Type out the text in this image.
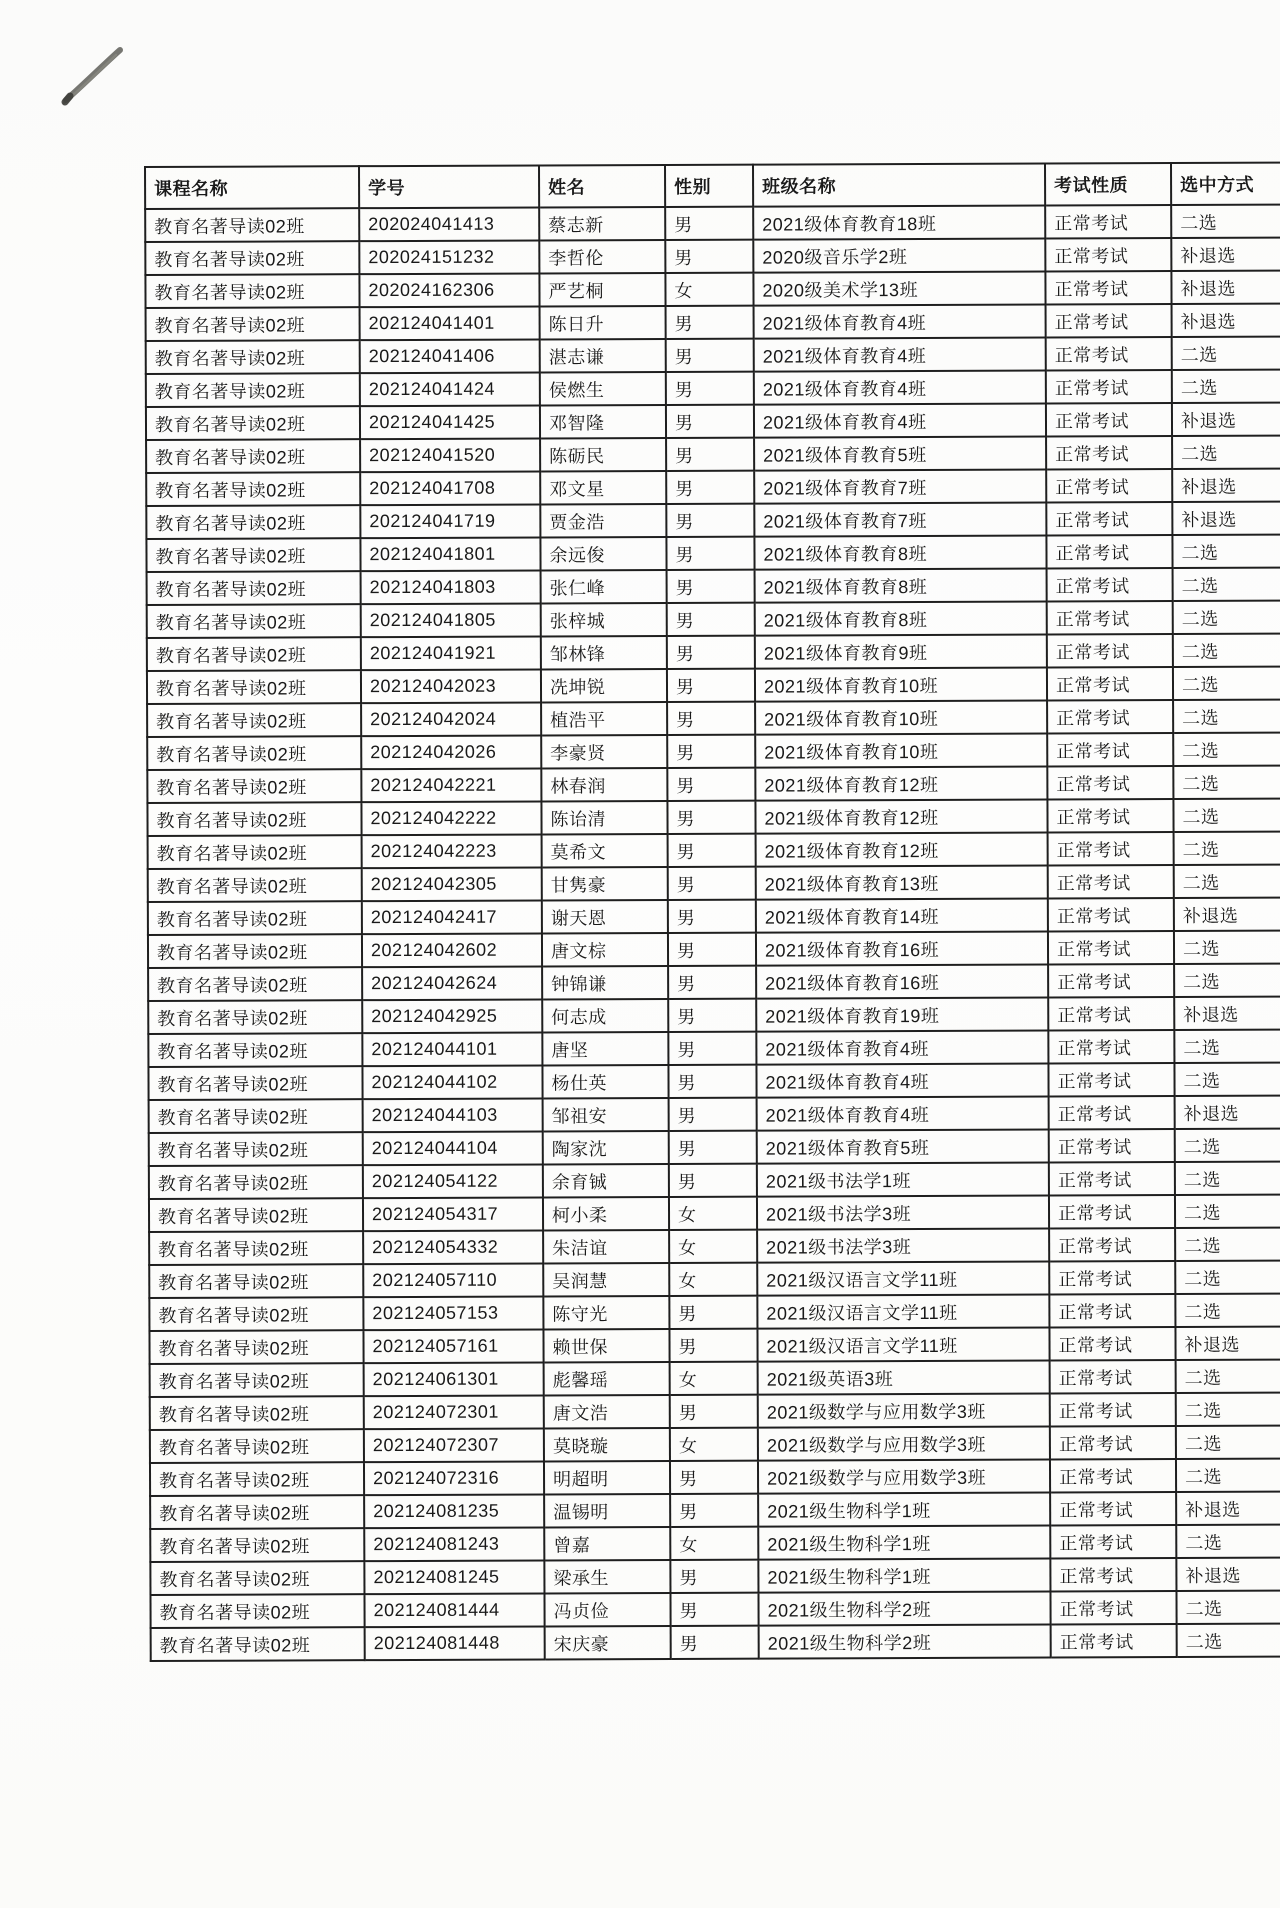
课程名称	学号	姓名	性别	班级名称	考试性质	选中方式
教育名著导读02班	202024041413	蔡志新	男	2021级体育教育18班	正常考试	二选
教育名著导读02班	202024151232	李哲伦	男	2020级音乐学2班	正常考试	补退选
教育名著导读02班	202024162306	严艺桐	女	2020级美术学13班	正常考试	补退选
教育名著导读02班	202124041401	陈日升	男	2021级体育教育4班	正常考试	补退选
教育名著导读02班	202124041406	湛志谦	男	2021级体育教育4班	正常考试	二选
教育名著导读02班	202124041424	侯燃生	男	2021级体育教育4班	正常考试	二选
教育名著导读02班	202124041425	邓智隆	男	2021级体育教育4班	正常考试	补退选
教育名著导读02班	202124041520	陈砺民	男	2021级体育教育5班	正常考试	二选
教育名著导读02班	202124041708	邓文星	男	2021级体育教育7班	正常考试	补退选
教育名著导读02班	202124041719	贾金浩	男	2021级体育教育7班	正常考试	补退选
教育名著导读02班	202124041801	余远俊	男	2021级体育教育8班	正常考试	二选
教育名著导读02班	202124041803	张仁峰	男	2021级体育教育8班	正常考试	二选
教育名著导读02班	202124041805	张梓城	男	2021级体育教育8班	正常考试	二选
教育名著导读02班	202124041921	邹林锋	男	2021级体育教育9班	正常考试	二选
教育名著导读02班	202124042023	冼坤锐	男	2021级体育教育10班	正常考试	二选
教育名著导读02班	202124042024	植浩平	男	2021级体育教育10班	正常考试	二选
教育名著导读02班	202124042026	李豪贤	男	2021级体育教育10班	正常考试	二选
教育名著导读02班	202124042221	林春润	男	2021级体育教育12班	正常考试	二选
教育名著导读02班	202124042222	陈诒清	男	2021级体育教育12班	正常考试	二选
教育名著导读02班	202124042223	莫希文	男	2021级体育教育12班	正常考试	二选
教育名著导读02班	202124042305	甘隽豪	男	2021级体育教育13班	正常考试	二选
教育名著导读02班	202124042417	谢天恩	男	2021级体育教育14班	正常考试	补退选
教育名著导读02班	202124042602	唐文棕	男	2021级体育教育16班	正常考试	二选
教育名著导读02班	202124042624	钟锦谦	男	2021级体育教育16班	正常考试	二选
教育名著导读02班	202124042925	何志成	男	2021级体育教育19班	正常考试	补退选
教育名著导读02班	202124044101	唐坚	男	2021级体育教育4班	正常考试	二选
教育名著导读02班	202124044102	杨仕英	男	2021级体育教育4班	正常考试	二选
教育名著导读02班	202124044103	邹祖安	男	2021级体育教育4班	正常考试	补退选
教育名著导读02班	202124044104	陶家沈	男	2021级体育教育5班	正常考试	二选
教育名著导读02班	202124054122	余育铖	男	2021级书法学1班	正常考试	二选
教育名著导读02班	202124054317	柯小柔	女	2021级书法学3班	正常考试	二选
教育名著导读02班	202124054332	朱洁谊	女	2021级书法学3班	正常考试	二选
教育名著导读02班	202124057110	吴润慧	女	2021级汉语言文学11班	正常考试	二选
教育名著导读02班	202124057153	陈守光	男	2021级汉语言文学11班	正常考试	二选
教育名著导读02班	202124057161	赖世保	男	2021级汉语言文学11班	正常考试	补退选
教育名著导读02班	202124061301	彪馨瑶	女	2021级英语3班	正常考试	二选
教育名著导读02班	202124072301	唐文浩	男	2021级数学与应用数学3班	正常考试	二选
教育名著导读02班	202124072307	莫晓璇	女	2021级数学与应用数学3班	正常考试	二选
教育名著导读02班	202124072316	明超明	男	2021级数学与应用数学3班	正常考试	二选
教育名著导读02班	202124081235	温锡明	男	2021级生物科学1班	正常考试	补退选
教育名著导读02班	202124081243	曾嘉	女	2021级生物科学1班	正常考试	二选
教育名著导读02班	202124081245	梁承生	男	2021级生物科学1班	正常考试	补退选
教育名著导读02班	202124081444	冯贞俭	男	2021级生物科学2班	正常考试	二选
教育名著导读02班	202124081448	宋庆豪	男	2021级生物科学2班	正常考试	二选
